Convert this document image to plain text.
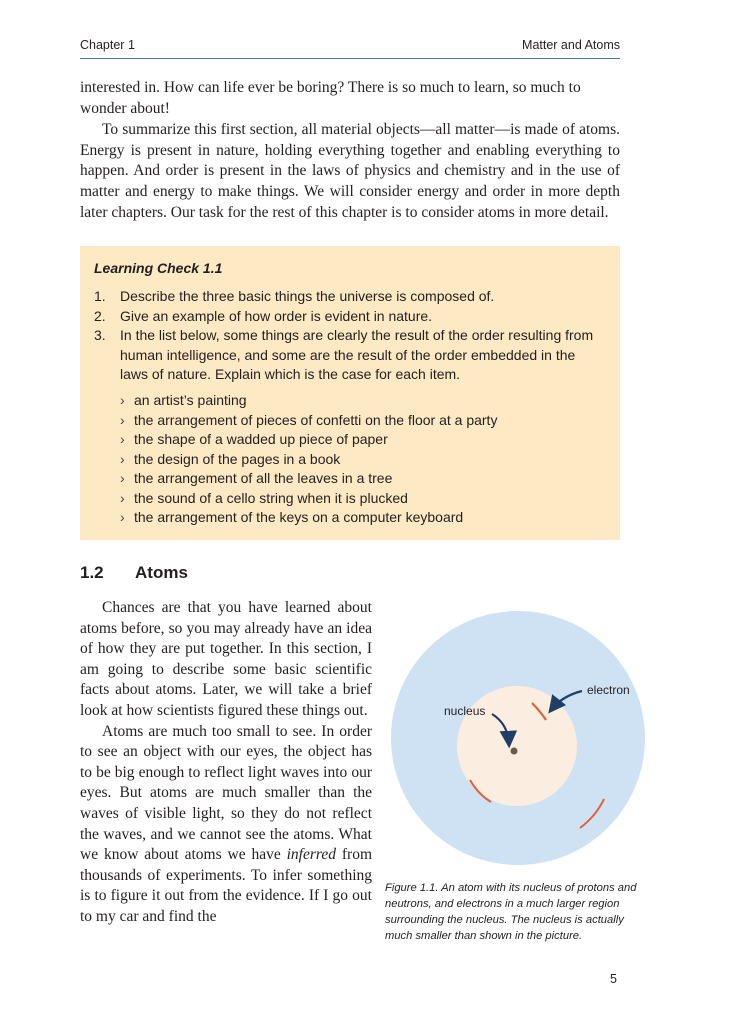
Chapter 1	Matter and Atoms

interested in. How can life ever be boring? There is so much to learn, so much to wonder about!

To summarize this first section, all material objects—all matter—is made of atoms. Energy is present in nature, holding everything together and enabling everything to happen. And order is present in the laws of physics and chemistry and in the use of matter and energy to make things. We will consider energy and order in more depth later chapters. Our task for the rest of this chapter is to consider atoms in more detail.

Learning Check 1.1
1. Describe the three basic things the universe is composed of.
2. Give an example of how order is evident in nature.
3. In the list below, some things are clearly the result of the order resulting from human intelligence, and some are the result of the order embedded in the laws of nature. Explain which is the case for each item.
› an artist’s painting
› the arrangement of pieces of confetti on the floor at a party
› the shape of a wadded up piece of paper
› the design of the pages in a book
› the arrangement of all the leaves in a tree
› the sound of a cello string when it is plucked
› the arrangement of the keys on a computer keyboard
1.2 Atoms

Chances are that you have learned about atoms before, so you may already have an idea of how they are put together. In this section, I am going to describe some basic scientific facts about atoms. Later, we will take a brief look at how scientists figured these things out.

Atoms are much too small to see. In order to see an object with our eyes, the object has to be big enough to reflect light waves into our eyes. But atoms are much smaller than the waves of visible light, so they do not reflect the waves, and we cannot see the atoms. What we know about atoms we have inferred from thousands of experiments. To infer something is to figure it out from the evidence. If I go out to my car and find the

nucleus
electron
Figure 1.1. An atom with its nucleus of protons and neutrons, and electrons in a much larger region surrounding the nucleus. The nucleus is actually much smaller than shown in the picture.
5
